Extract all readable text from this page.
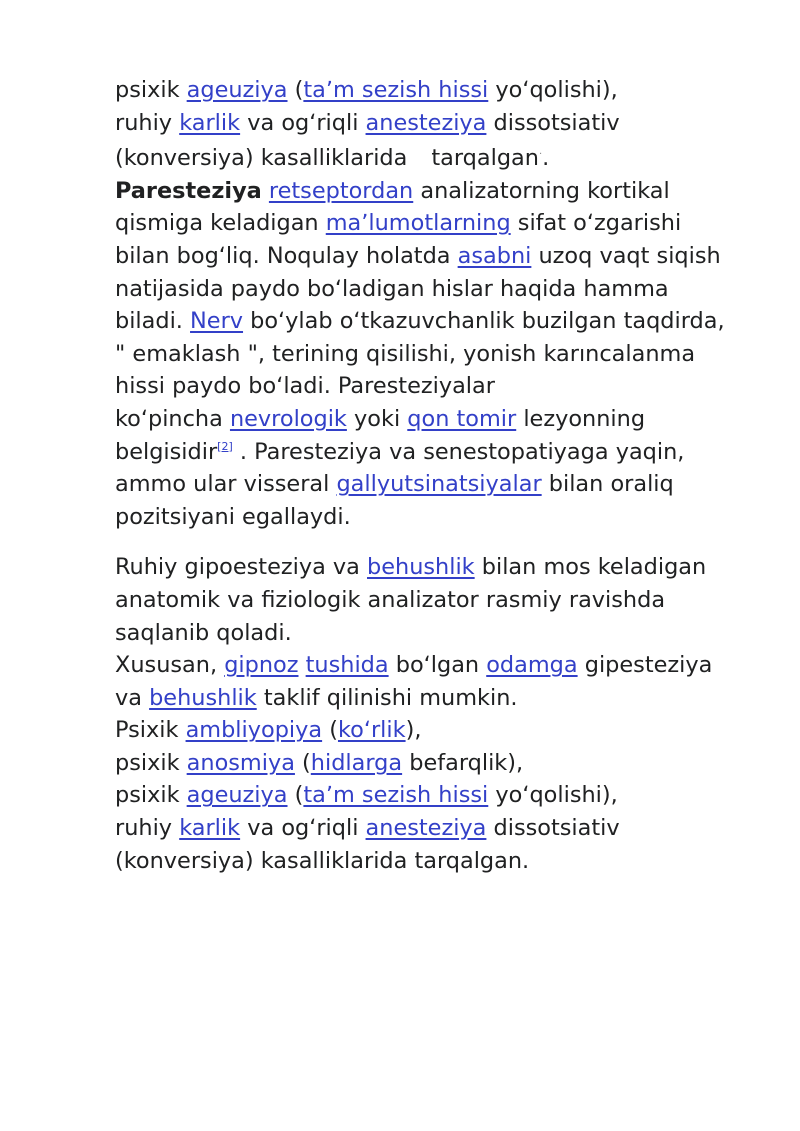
psixik ageuziya (taʼm sezish hissi yoʻqolishi),
ruhiy karlik va ogʻriqli anesteziya dissotsiativ
(konversiya) kasalliklarida tarqalgan·.
Paresteziya retseptordan analizatorning kortikal
qismiga keladigan maʼlumotlarning sifat oʻzgarishi
bilan bogʻliq. Noqulay holatda asabni uzoq vaqt siqish
natijasida paydo boʻladigan hislar haqida hamma
biladi. Nerv boʻylab oʻtkazuvchanlik buzilgan taqdirda,
" emaklash ", terining qisilishi, yonish karıncalanma
hissi paydo boʻladi. Paresteziyalar
koʻpincha nevrologik yoki qon tomir lezyonning
belgisidir[2] . Paresteziya va senestopatiyaga yaqin,
ammo ular visseral gallyutsinatsiyalar bilan oraliq
pozitsiyani egallaydi.

Ruhiy gipoesteziya va behushlik bilan mos keladigan
anatomik va fiziologik analizator rasmiy ravishda
saqlanib qoladi.
Xususan, gipnoz tushida boʻlgan odamga gipesteziya
va behushlik taklif qilinishi mumkin.
Psixik ambliyopiya (koʻrlik),
psixik anosmiya (hidlarga befarqlik),
psixik ageuziya (taʼm sezish hissi yoʻqolishi),
ruhiy karlik va ogʻriqli anesteziya dissotsiativ
(konversiya) kasalliklarida tarqalgan.
